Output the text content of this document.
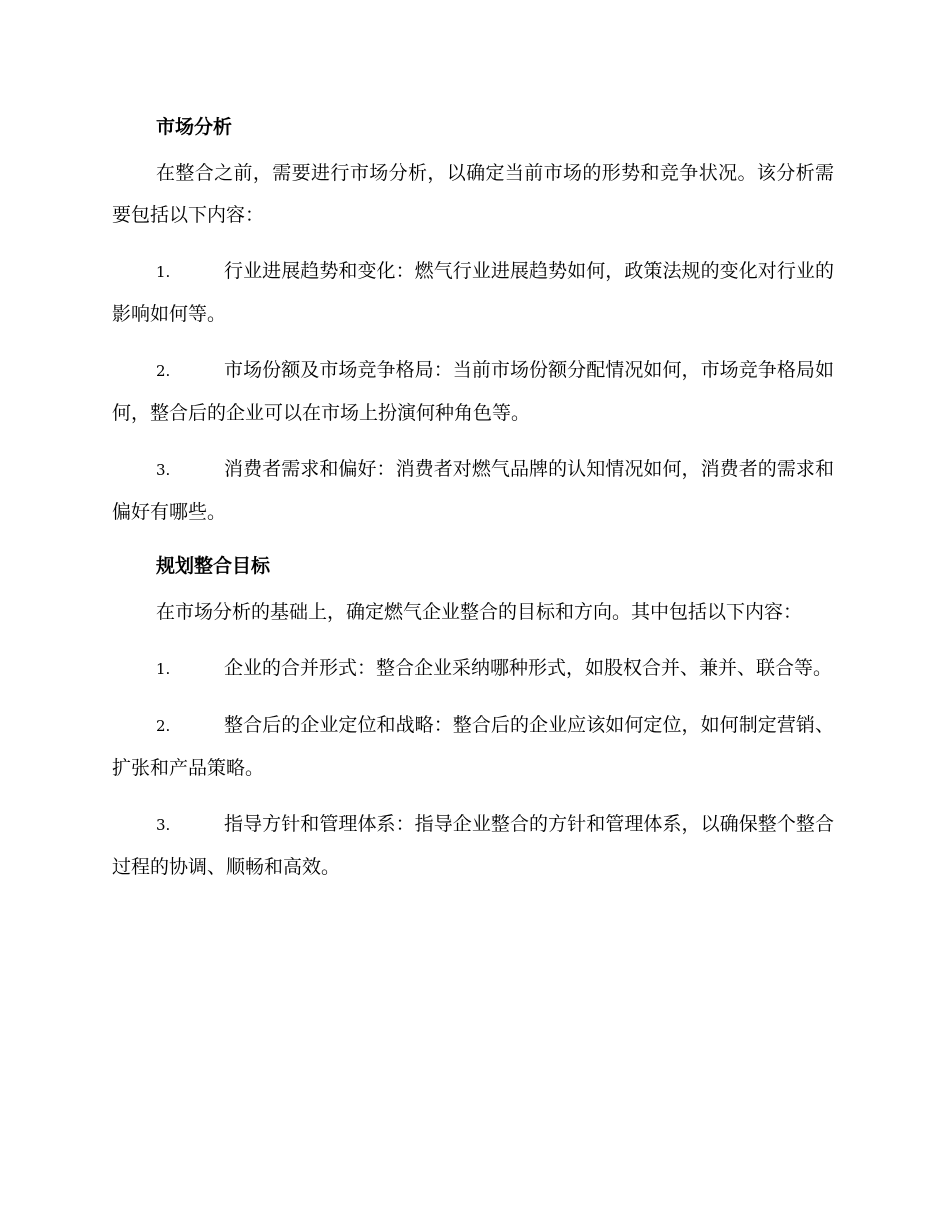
市场分析

在整合之前，需要进行市场分析，以确定当前市场的形势和竞争状况。该分析需要包括以下内容：

1.	行业进展趋势和变化：燃气行业进展趋势如何，政策法规的变化对行业的影响如何等。

2.	市场份额及市场竞争格局：当前市场份额分配情况如何，市场竞争格局如何，整合后的企业可以在市场上扮演何种角色等。

3.	消费者需求和偏好：消费者对燃气品牌的认知情况如何，消费者的需求和偏好有哪些。

规划整合目标

在市场分析的基础上，确定燃气企业整合的目标和方向。其中包括以下内容：

1.	企业的合并形式：整合企业采纳哪种形式，如股权合并、兼并、联合等。

2.	整合后的企业定位和战略：整合后的企业应该如何定位，如何制定营销、扩张和产品策略。

3.	指导方针和管理体系：指导企业整合的方针和管理体系，以确保整个整合过程的协调、顺畅和高效。
